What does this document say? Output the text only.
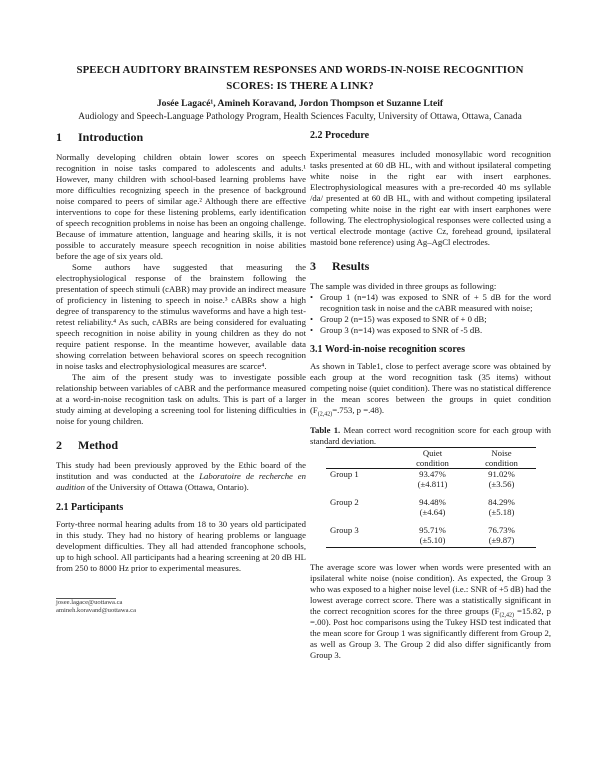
SPEECH AUDITORY BRAINSTEM RESPONSES AND WORDS-IN-NOISE RECOGNITION
SCORES: IS THERE A LINK?
Josée Lagacé¹, Amineh Koravand, Jordon Thompson et Suzanne Lteif
Audiology and Speech-Language Pathology Program, Health Sciences Faculty, University of Ottawa, Ottawa, Canada
1	Introduction

Normally developing children obtain lower scores on speech recognition in noise tasks compared to adolescents and adults.¹ However, many children with school-based learning problems have more difficulties recognizing speech in the presence of background noise compared to peers of similar age.² Although there are effective interventions to cope for these listening problems, early identification of speech recognition problems in noise has been an ongoing challenge. Because of immature attention, language and hearing skills, it is not possible to accurately measure speech recognition in noise abilities before the age of six years old.

Some authors have suggested that measuring the electrophysiological response of the brainstem following the presentation of speech stimuli (cABR) may provide an indirect measure of proficiency in listening to speech in noise.³ cABRs show a high degree of transparency to the stimulus waveforms and have a high test-retest reliability.⁴ As such, cABRs are being considered for evaluating speech recognition in noise ability in young children as they do not require patient response. In the meantime however, available data showing correlation between behavioral scores on speech recognition in noise tasks and electrophysiological measures are scarce⁴.

The aim of the present study was to investigate possible relationship between variables of cABR and the performance measured at a word-in-noise recognition task on adults. This is part of a larger study aiming at developing a screening tool for listening difficulties in noise for young children.

2	Method

This study had been previously approved by the Ethic board of the institution and was conducted at the Laboratoire de recherche en audition of the University of Ottawa (Ottawa, Ontario).

2.1 Participants

Forty-three normal hearing adults from 18 to 30 years old participated in this study. They had no history of hearing problems or language development difficulties. They all had attended francophone schools, up to high school. All participants had a hearing screening at 20 dB HL from 250 to 8000 Hz prior to experimental measures.

josee.lagace@uottawa.ca
amineh.koravand@uottawa.ca
2.2 Procedure

Experimental measures included monosyllabic word recognition tasks presented at 60 dB HL, with and without ipsilateral competing white noise in the right ear with insert earphones. Electrophysiological measures with a pre-recorded 40 ms syllable /da/ presented at 60 dB HL, with and without competing ipsilateral competing white noise in the right ear with insert earphones were following. The electrophysiological responses were collected using a vertical electrode montage (active Cz, forehead ground, ipsilateral mastoid bone reference) using Ag–AgCl electrodes.

3	Results

The sample was divided in three groups as following:

• Group 1 (n=14) was exposed to SNR of + 5 dB for the word recognition task in noise and the cABR measured with noise;
• Group 2 (n=15) was exposed to SNR of + 0 dB;
• Group 3 (n=14) was exposed to SNR of -5 dB.
3.1 Word-in-noise recognition scores

As shown in Table1, close to perfect average score was obtained by each group at the word recognition task (35 items) without competing noise (quiet condition). There was no statistical difference in the mean scores between the groups in quiet condition ($F_{(2,42)}=.753$, p =.48).

Table 1. Mean correct word recognition score for each group with standard deviation.

	Quiet	Noise
	condition	condition
Group 1	93.47%	91.02%
	(±4.811)	(±3.56)

Group 2	94.48%	84.29%
	(±4.64)	(±5.18)

Group 3	95.71%	76.73%
	(±5.10)	(±9.87)

The average score was lower when words were presented with an ipsilateral white noise (noise condition). As expected, the Group 3 who was exposed to a higher noise level (i.e.: SNR of +5 dB) had the lowest average correct score. There was a statistically significant in the correct recognition scores for the three groups ($F_{(2,42)} =15.82$, p =.00). Post hoc comparisons using the Tukey HSD test indicated that the mean score for Group 1 was significantly different from Group 2, as well as Group 3. The Group 2 did also differ significantly from Group 3.
